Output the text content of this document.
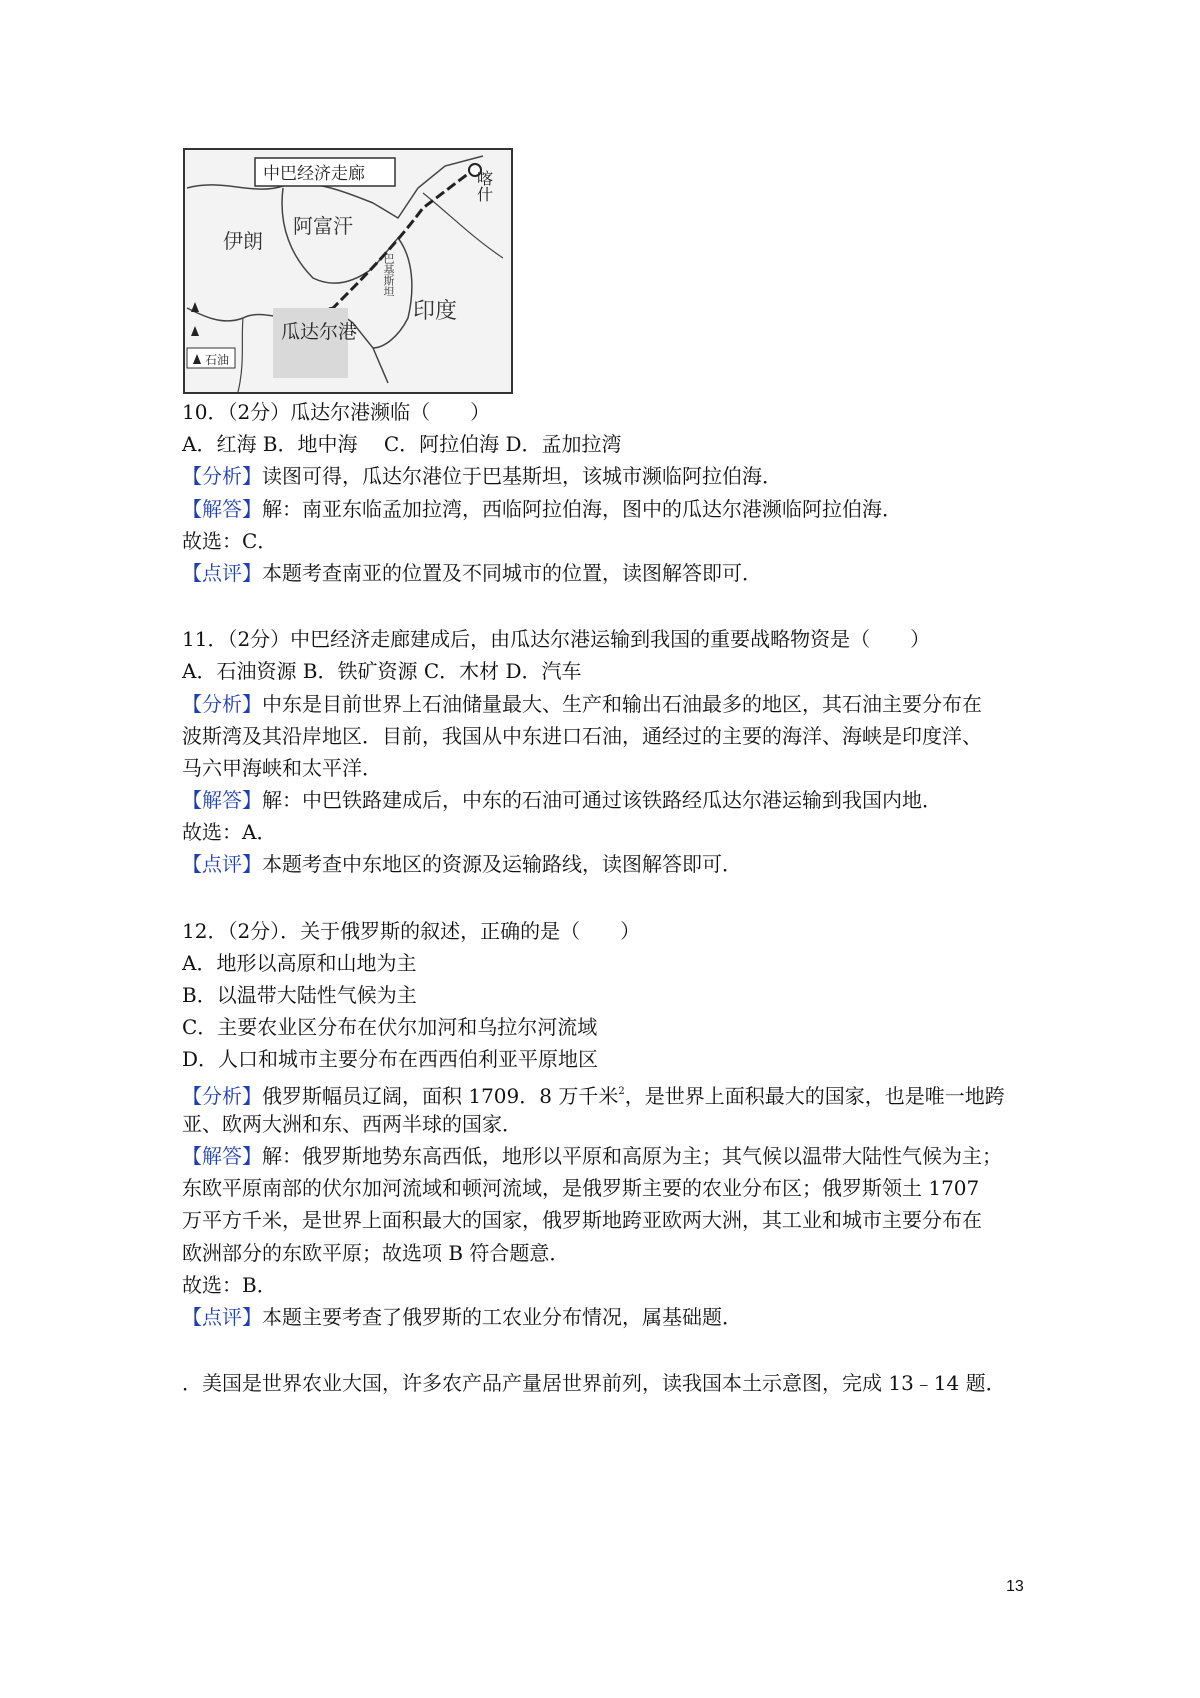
中巴经济走廊	喀什
伊朗
阿富汗
巴基斯坦
瓜达尔港
印度
石油
10．（2分）瓜达尔港濒临（　　）
A．红海 B．地中海　 C．阿拉伯海 D．孟加拉湾
【分析】读图可得，瓜达尔港位于巴基斯坦，该城市濒临阿拉伯海．
【解答】解：南亚东临孟加拉湾，西临阿拉伯海，图中的瓜达尔港濒临阿拉伯海．
故选：C．
【点评】本题考查南亚的位置及不同城市的位置，读图解答即可．
11．（2分）中巴经济走廊建成后，由瓜达尔港运输到我国的重要战略物资是（　　）
A．石油资源 B．铁矿资源 C．木材 D．汽车
【分析】中东是目前世界上石油储量最大、生产和输出石油最多的地区，其石油主要分布在
波斯湾及其沿岸地区．目前，我国从中东进口石油，通经过的主要的海洋、海峡是印度洋、
马六甲海峡和太平洋．
【解答】解：中巴铁路建成后，中东的石油可通过该铁路经瓜达尔港运输到我国内地．
故选：A．
【点评】本题考查中东地区的资源及运输路线，读图解答即可．
12．（2分）．关于俄罗斯的叙述，正确的是（　　）
A．地形以高原和山地为主
B．以温带大陆性气候为主
C．主要农业区分布在伏尔加河和乌拉尔河流域
D．人口和城市主要分布在西西伯利亚平原地区
【分析】俄罗斯幅员辽阔，面积 1709．8 万千米$^2$，是世界上面积最大的国家，也是唯一地跨
亚、欧两大洲和东、西两半球的国家．
【解答】解：俄罗斯地势东高西低，地形以平原和高原为主；其气候以温带大陆性气候为主；
东欧平原南部的伏尔加河流域和顿河流域，是俄罗斯主要的农业分布区；俄罗斯领土 1707
万平方千米，是世界上面积最大的国家，俄罗斯地跨亚欧两大洲，其工业和城市主要分布在
欧洲部分的东欧平原；故选项 B 符合题意．
故选：B．
【点评】本题主要考查了俄罗斯的工农业分布情况，属基础题．
．美国是世界农业大国，许多农产品产量居世界前列，读我国本土示意图，完成 13﹣14 题．
13
